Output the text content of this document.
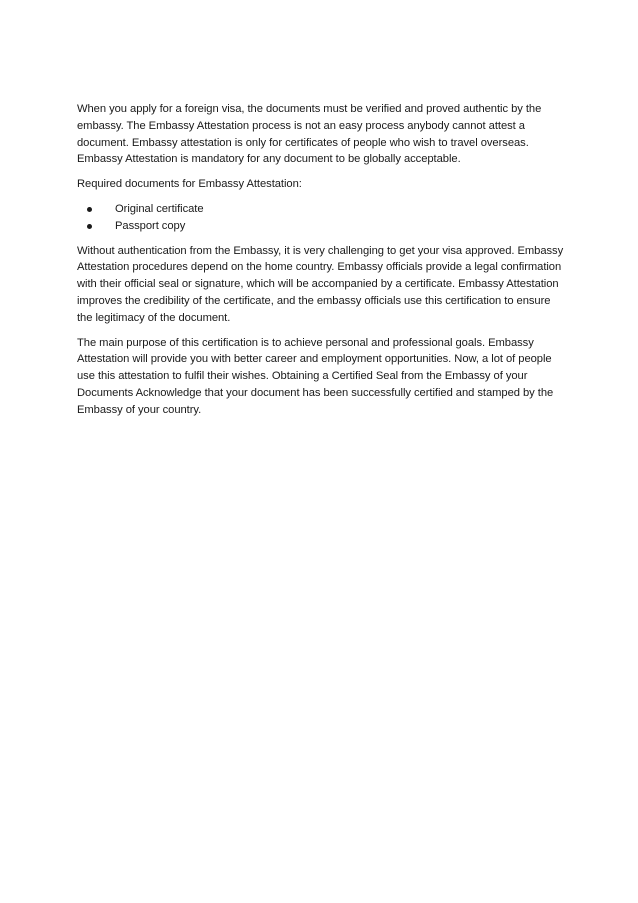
When you apply for a foreign visa, the documents must be verified and proved authentic by the embassy. The Embassy Attestation process is not an easy process anybody cannot attest a document. Embassy attestation is only for certificates of people who wish to travel overseas. Embassy Attestation is mandatory for any document to be globally acceptable.

Required documents for Embassy Attestation:

Original certificate
Passport copy

Without authentication from the Embassy, it is very challenging to get your visa approved. Embassy Attestation procedures depend on the home country. Embassy officials provide a legal confirmation with their official seal or signature, which will be accompanied by a certificate. Embassy Attestation improves the credibility of the certificate, and the embassy officials use this certification to ensure the legitimacy of the document.

The main purpose of this certification is to achieve personal and professional goals. Embassy Attestation will provide you with better career and employment opportunities. Now, a lot of people use this attestation to fulfil their wishes. Obtaining a Certified Seal from the Embassy of your Documents Acknowledge that your document has been successfully certified and stamped by the Embassy of your country.
